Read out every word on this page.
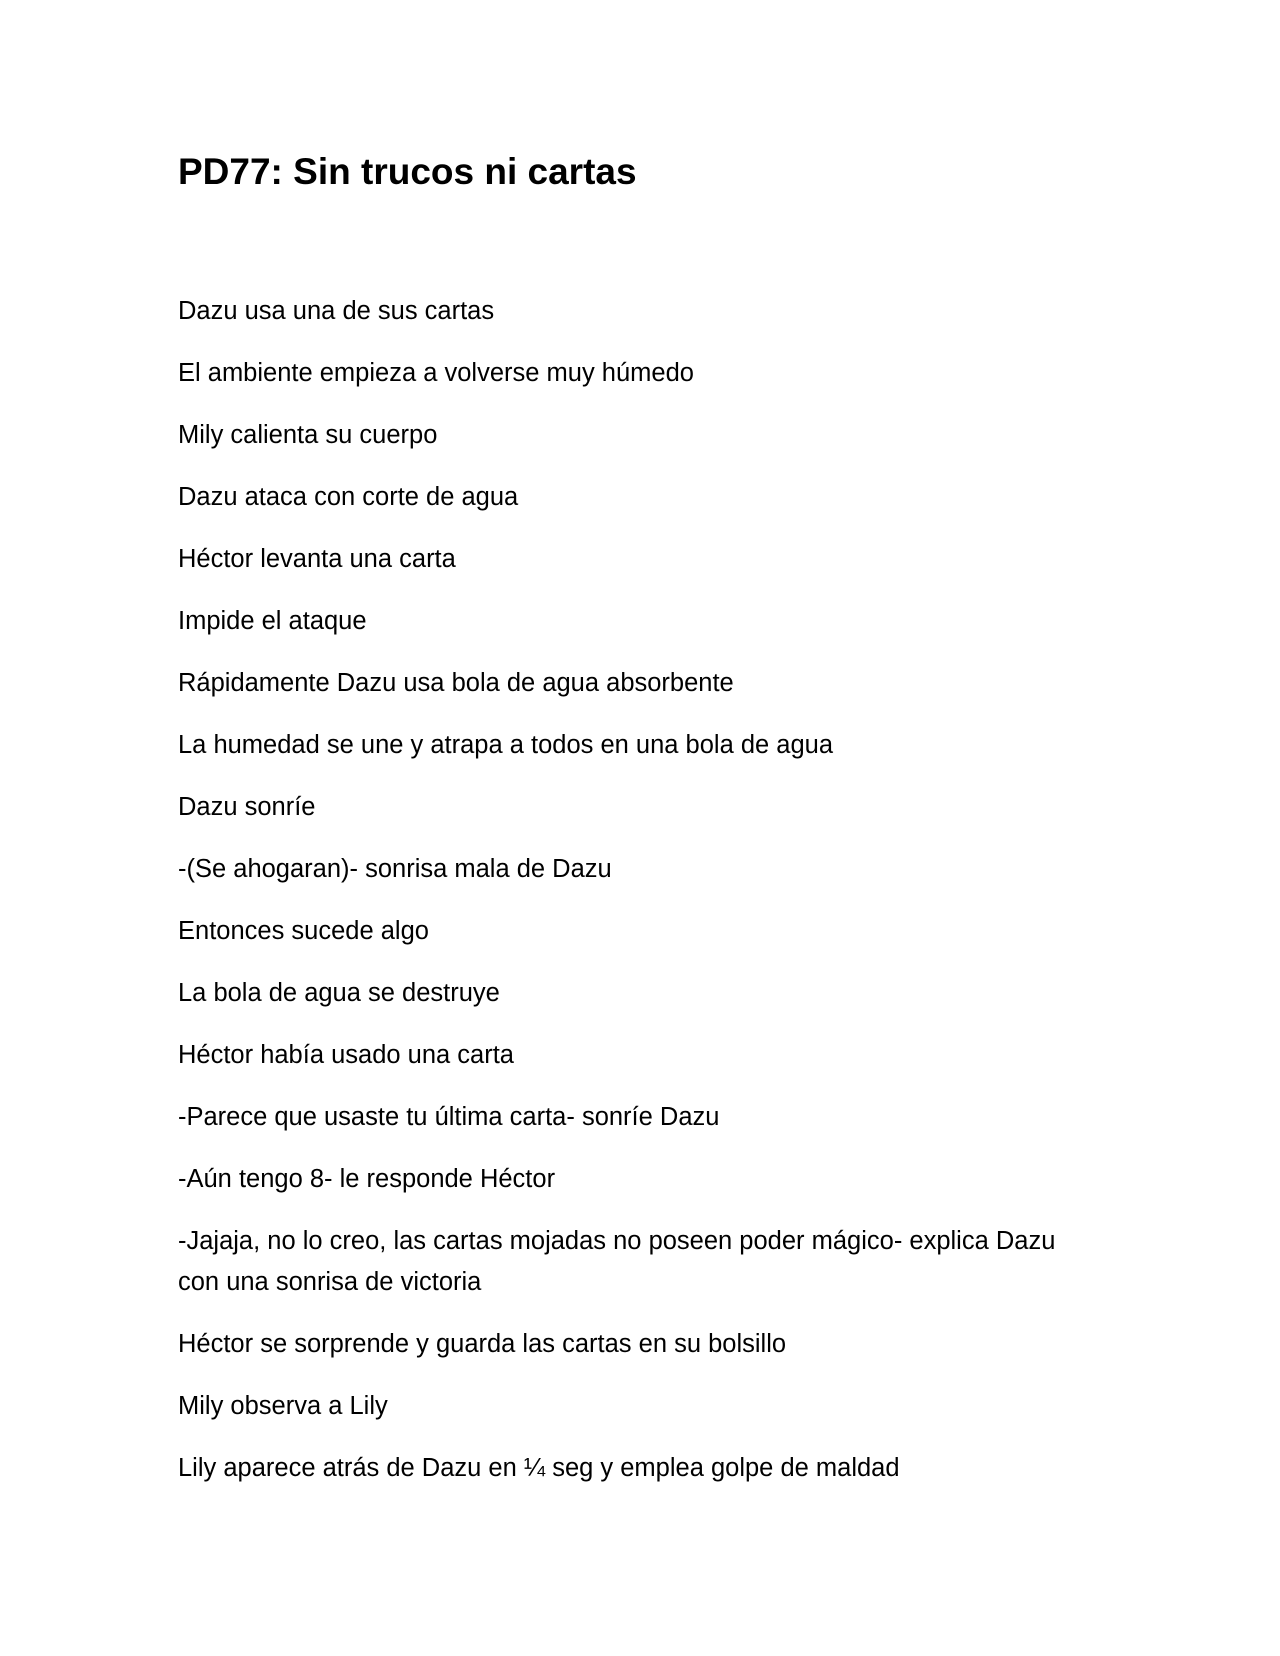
PD77: Sin trucos ni cartas
Dazu usa una de sus cartas
El ambiente empieza a volverse muy húmedo
Mily calienta su cuerpo
Dazu ataca con corte de agua
Héctor levanta una carta
Impide el ataque
Rápidamente Dazu usa bola de agua absorbente
La humedad se une y atrapa a todos en una bola de agua
Dazu sonríe
-(Se ahogaran)- sonrisa mala de Dazu
Entonces sucede algo
La bola de agua se destruye
Héctor había usado una carta
-Parece que usaste tu última carta- sonríe Dazu
-Aún tengo 8- le responde Héctor
-Jajaja, no lo creo, las cartas mojadas no poseen poder mágico- explica Dazu con una sonrisa de victoria
Héctor se sorprende y guarda las cartas en su bolsillo
Mily observa a Lily
Lily aparece atrás de Dazu en ¼ seg y emplea golpe de maldad
